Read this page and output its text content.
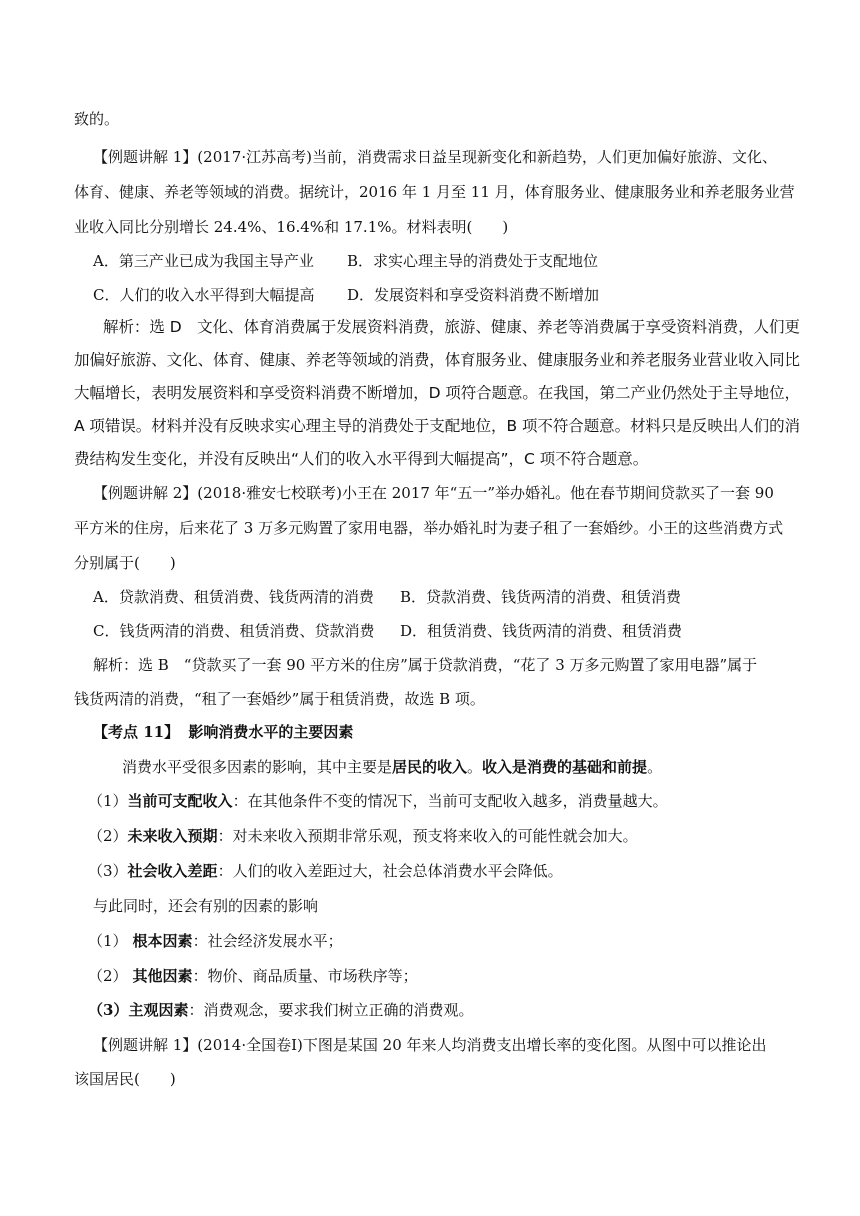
致的。
【例题讲解 1】(2017·江苏高考)当前，消费需求日益呈现新变化和新趋势，人们更加偏好旅游、文化、
体育、健康、养老等领域的消费。据统计，2016 年 1 月至 11 月，体育服务业、健康服务业和养老服务业营
业收入同比分别增长 24.4%、16.4%和 17.1%。材料表明(　　)
A．第三产业已成为我国主导产业 B．求实心理主导的消费处于支配地位
C．人们的收入水平得到大幅提高 D．发展资料和享受资料消费不断增加
解析：选 D　文化、体育消费属于发展资料消费，旅游、健康、养老等消费属于享受资料消费，人们更
加偏好旅游、文化、体育、健康、养老等领域的消费，体育服务业、健康服务业和养老服务业营业收入同比
大幅增长，表明发展资料和享受资料消费不断增加，D 项符合题意。在我国，第二产业仍然处于主导地位，
A 项错误。材料并没有反映求实心理主导的消费处于支配地位，B 项不符合题意。材料只是反映出人们的消
费结构发生变化，并没有反映出“人们的收入水平得到大幅提高”，C 项不符合题意。
【例题讲解 2】(2018·雅安七校联考)小王在 2017 年“五一”举办婚礼。他在春节期间贷款买了一套 90
平方米的住房，后来花了 3 万多元购置了家用电器，举办婚礼时为妻子租了一套婚纱。小王的这些消费方式
分别属于(　　)
A．贷款消费、租赁消费、钱货两清的消费 B．贷款消费、钱货两清的消费、租赁消费
C．钱货两清的消费、租赁消费、贷款消费 D．租赁消费、钱货两清的消费、租赁消费
解析：选 B　“贷款买了一套 90 平方米的住房”属于贷款消费，“花了 3 万多元购置了家用电器”属于
钱货两清的消费，“租了一套婚纱”属于租赁消费，故选 B 项。
【考点 11】 影响消费水平的主要因素
消费水平受很多因素的影响，其中主要是居民的收入。收入是消费的基础和前提。
（1）当前可支配收入：在其他条件不变的情况下，当前可支配收入越多，消费量越大。
（2）未来收入预期：对未来收入预期非常乐观，预支将来收入的可能性就会加大。
（3）社会收入差距：人们的收入差距过大，社会总体消费水平会降低。
与此同时，还会有别的因素的影响
（1） 根本因素：社会经济发展水平；
（2） 其他因素：物价、商品质量、市场秩序等；
（3）主观因素：消费观念，要求我们树立正确的消费观。
【例题讲解 1】(2014·全国卷Ⅰ)下图是某国 20 年来人均消费支出增长率的变化图。从图中可以推论出
该国居民(　　)
